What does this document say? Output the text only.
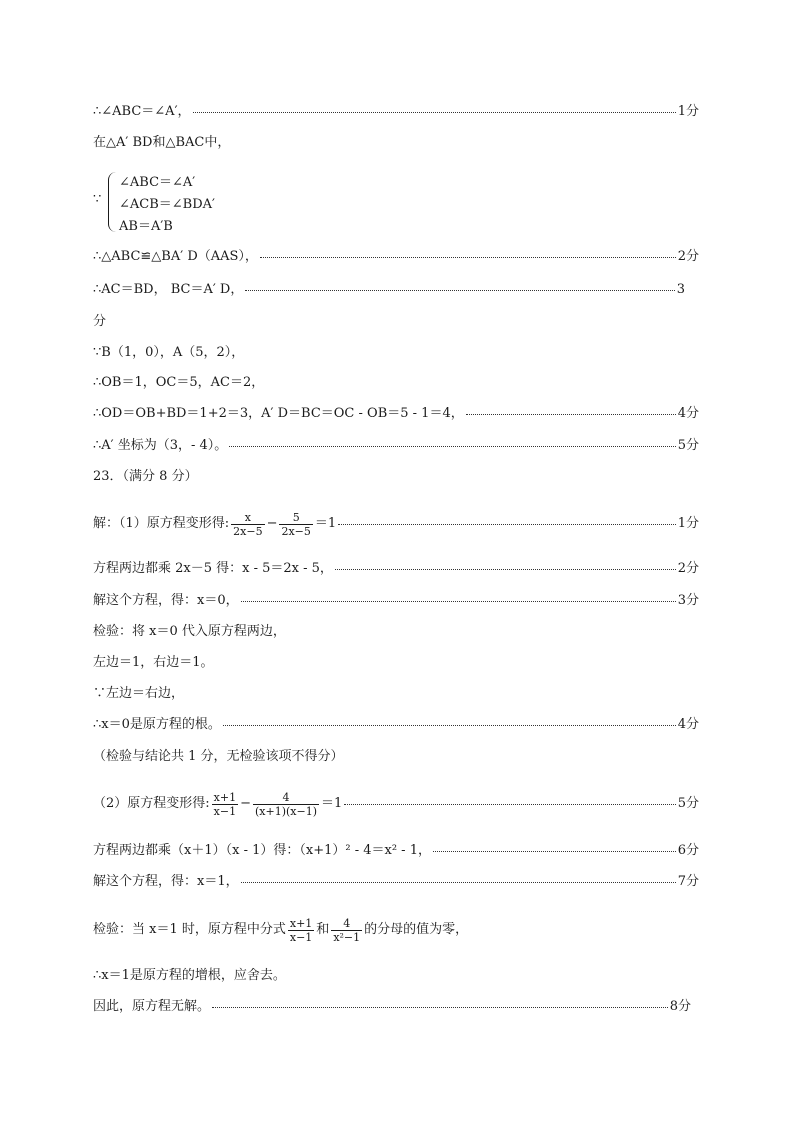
∴∠ABC＝∠A′，	1分
在△A′ BD和△BAC中，
∵
∠ABC＝∠A′
∠ACB＝∠BDA′
AB＝A′B
∴△ABC≌△BA′ D（AAS），	2分
∴AC＝BD， BC＝A′ D，	3
分
∵B（1，0），A（5，2），
∴OB＝1，OC＝5，AC＝2，
∴OD＝OB+BD＝1+2＝3，A′ D＝BC＝OC - OB＝5 - 1＝4，	4分
∴A′ 坐标为（3，- 4）。	5分
23．（满分 8 分）
解：（1）原方程变形得: $\frac{x}{2x-5} - \frac{5}{2x-5} =1$	1分
方程两边都乘 2x－5 得：x - 5＝2x - 5，	2分
解这个方程，得：x＝0，	3分
检验：将 x＝0 代入原方程两边，
左边＝1，右边＝1。
∵左边＝右边，
∴x＝0是原方程的根。	4分
（检验与结论共 1 分，无检验该项不得分）
（2）原方程变形得: $\frac{x+1}{x-1} - \frac{4}{(x+1)(x-1)} =1$	5分
方程两边都乘（x＋1）（x - 1）得：（x+1）² - 4＝x² - 1，	6分
解这个方程，得：x＝1，	7分
检验：当 x＝1 时，原方程中分式 $\frac{x+1}{x-1}$ 和 $\frac{4}{\text{x²−1}}$ 的分母的值为零，
∴x＝1是原方程的增根，应舍去。
因此，原方程无解。	8分
